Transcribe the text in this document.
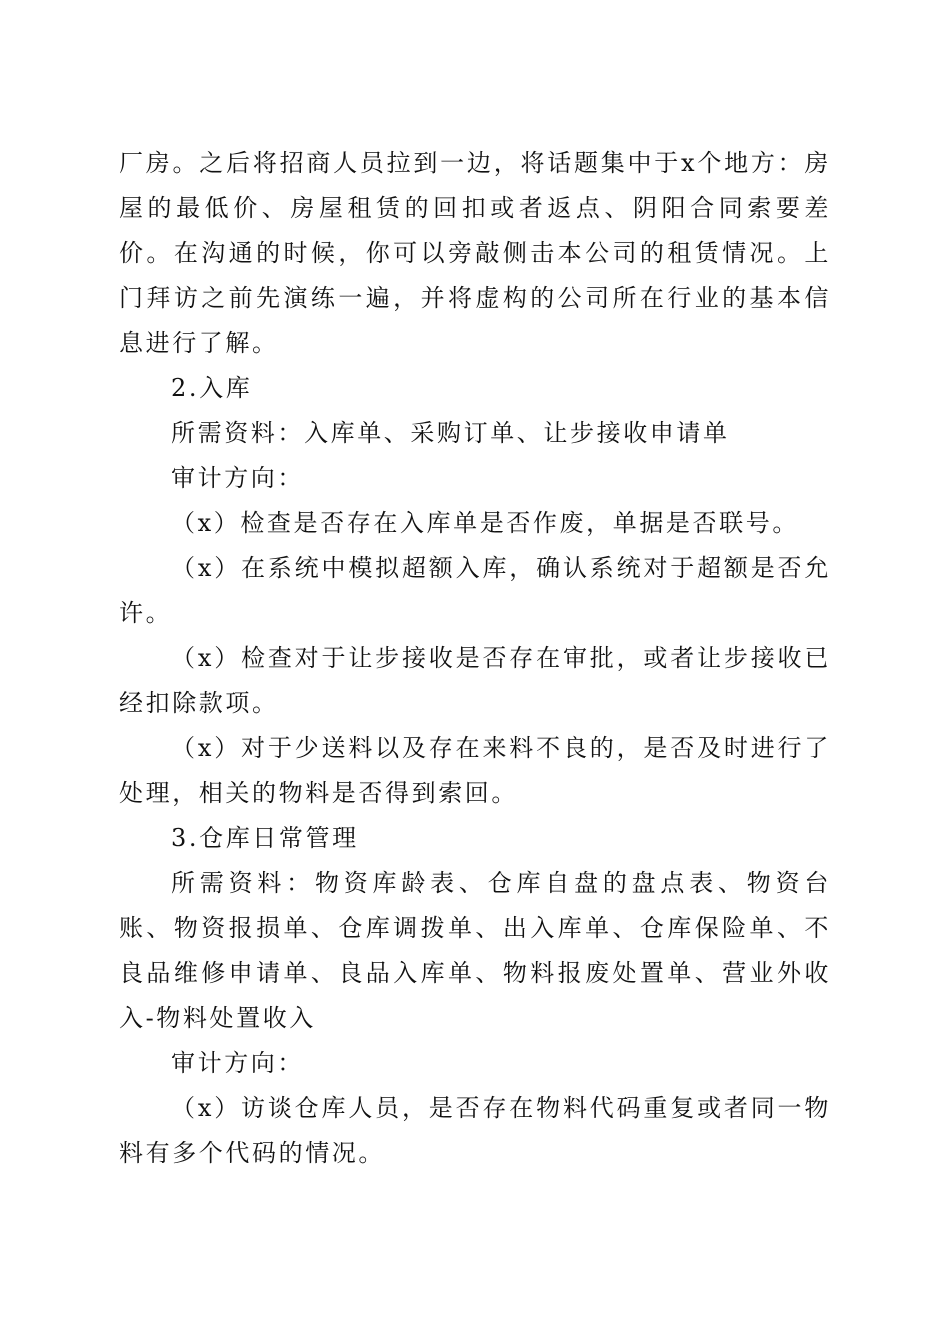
厂房。之后将招商人员拉到一边，将话题集中于x个地方：房屋的最低价、房屋租赁的回扣或者返点、阴阳合同索要差价。在沟通的时候，你可以旁敲侧击本公司的租赁情况。上门拜访之前先演练一遍，并将虚构的公司所在行业的基本信息进行了解。

2.入库

所需资料：入库单、采购订单、让步接收申请单

审计方向：

（x）检查是否存在入库单是否作废，单据是否联号。

（x）在系统中模拟超额入库，确认系统对于超额是否允许。

（x）检查对于让步接收是否存在审批，或者让步接收已经扣除款项。

（x）对于少送料以及存在来料不良的，是否及时进行了处理，相关的物料是否得到索回。

3.仓库日常管理

所需资料：物资库龄表、仓库自盘的盘点表、物资台账、物资报损单、仓库调拨单、出入库单、仓库保险单、不良品维修申请单、良品入库单、物料报废处置单、营业外收入-物料处置收入

审计方向：

（x）访谈仓库人员，是否存在物料代码重复或者同一物料有多个代码的情况。
